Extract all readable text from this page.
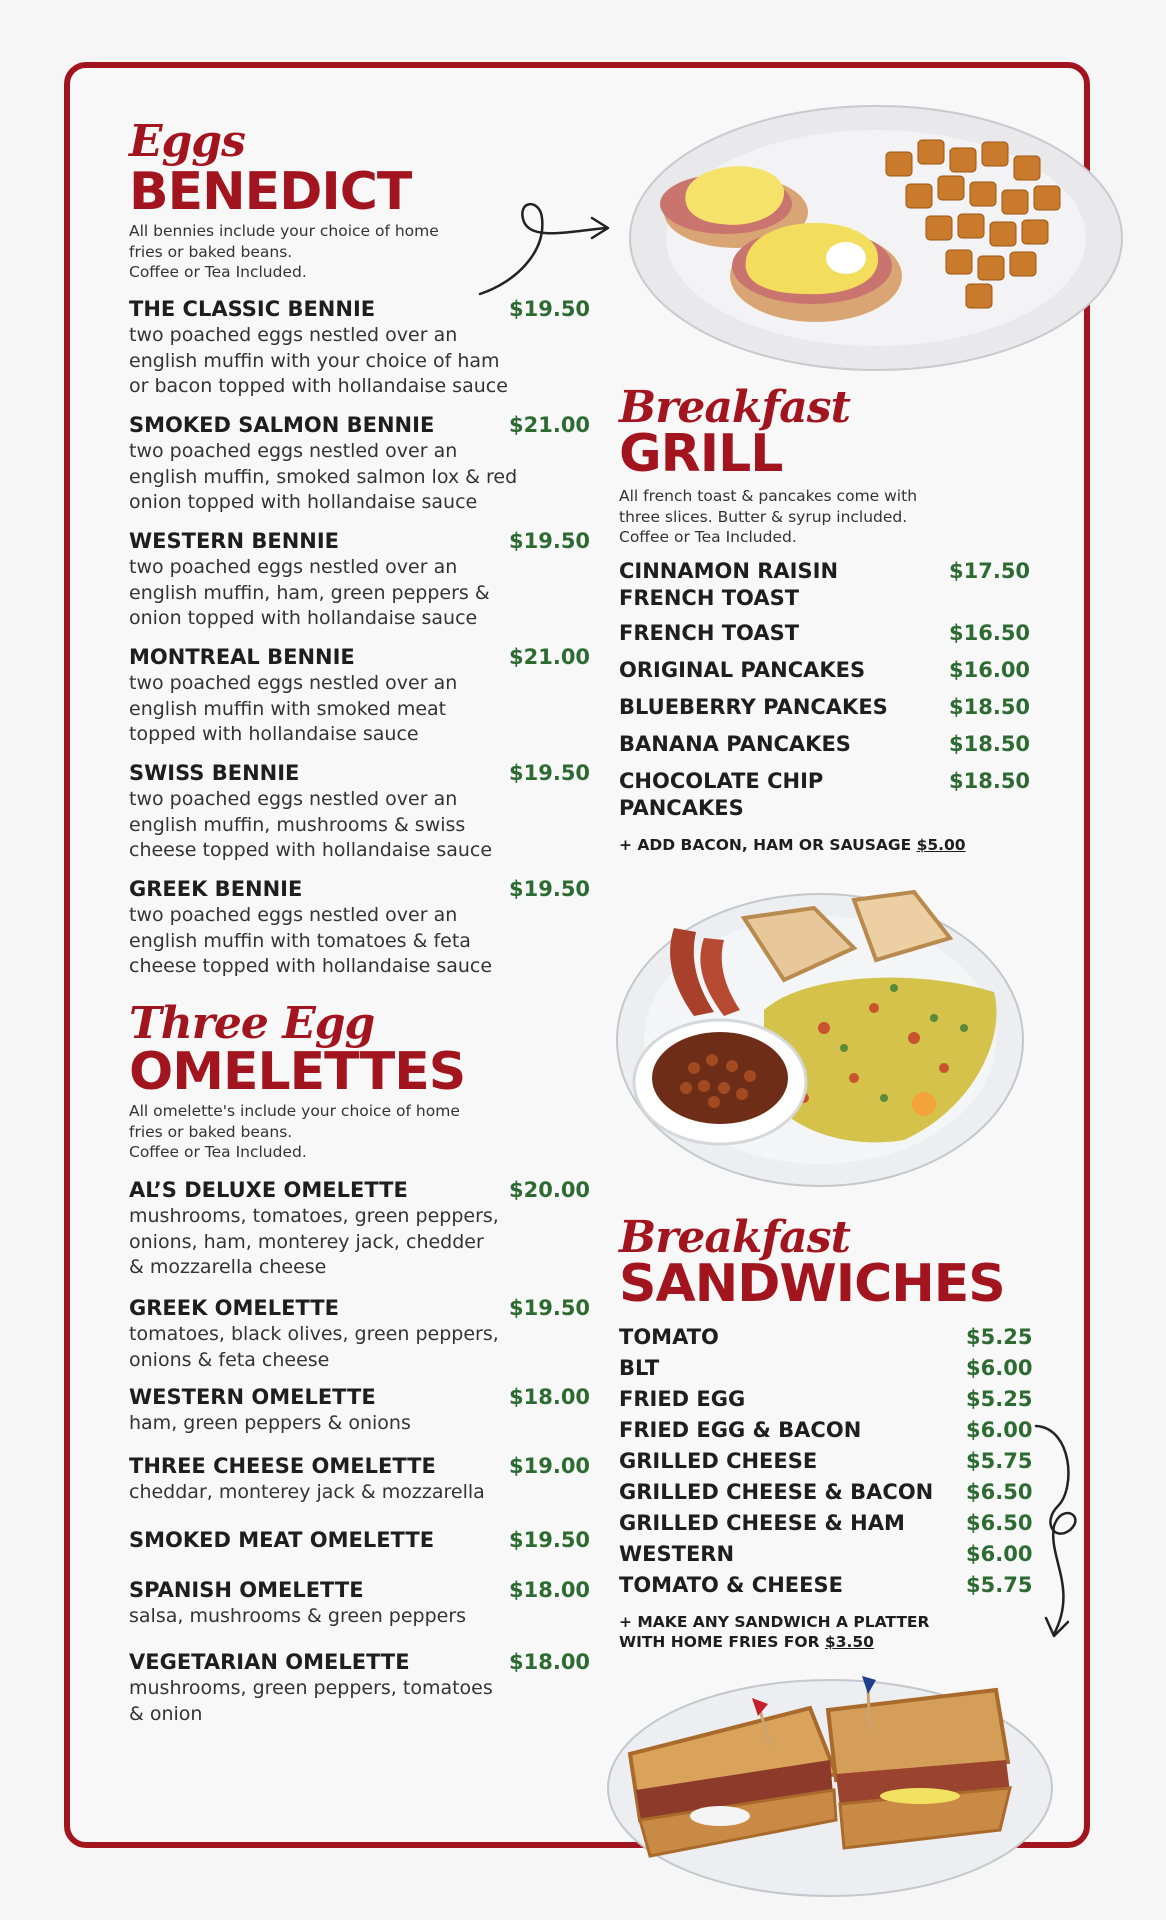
Eggs
BENEDICT
All bennies include your choice of home
fries or baked beans.
Coffee or Tea Included.
THE CLASSIC BENNIE	$19.50
two poached eggs nestled over an
english muffin with your choice of ham
or bacon topped with hollandaise sauce
SMOKED SALMON BENNIE	$21.00
two poached eggs nestled over an
english muffin, smoked salmon lox & red
onion topped with hollandaise sauce
WESTERN BENNIE	$19.50
two poached eggs nestled over an
english muffin, ham, green peppers &
onion topped with hollandaise sauce
MONTREAL BENNIE	$21.00
two poached eggs nestled over an
english muffin with smoked meat
topped with hollandaise sauce
SWISS BENNIE	$19.50
two poached eggs nestled over an
english muffin, mushrooms & swiss
cheese topped with hollandaise sauce
GREEK BENNIE	$19.50
two poached eggs nestled over an
english muffin with tomatoes & feta
cheese topped with hollandaise sauce
Three Egg
OMELETTES
All omelette's include your choice of home
fries or baked beans.
Coffee or Tea Included.
AL’S DELUXE OMELETTE	$20.00
mushrooms, tomatoes, green peppers,
onions, ham, monterey jack, chedder
& mozzarella cheese
GREEK OMELETTE	$19.50
tomatoes, black olives, green peppers,
onions & feta cheese
WESTERN OMELETTE	$18.00
ham, green peppers & onions
THREE CHEESE OMELETTE	$19.00
cheddar, monterey jack & mozzarella
SMOKED MEAT OMELETTE	$19.50
SPANISH OMELETTE	$18.00
salsa, mushrooms & green peppers
VEGETARIAN OMELETTE	$18.00
mushrooms, green peppers, tomatoes
& onion
Breakfast
GRILL
All french toast & pancakes come with
three slices. Butter & syrup included.
Coffee or Tea Included.
CINNAMON RAISIN
FRENCH TOAST
$17.50
FRENCH TOAST	$16.50
ORIGINAL PANCAKES	$16.00
BLUEBERRY PANCAKES	$18.50
BANANA PANCAKES	$18.50
CHOCOLATE CHIP
PANCAKES
$18.50
+ ADD BACON, HAM OR SAUSAGE $5.00
Breakfast
SANDWICHES
TOMATO	$5.25
BLT	$6.00
FRIED EGG	$5.25
FRIED EGG & BACON	$6.00
GRILLED CHEESE	$5.75
GRILLED CHEESE & BACON $6.50
GRILLED CHEESE & HAM	$6.50
WESTERN	$6.00
TOMATO & CHEESE	$5.75
+ MAKE ANY SANDWICH A PLATTER
WITH HOME FRIES FOR $3.50
